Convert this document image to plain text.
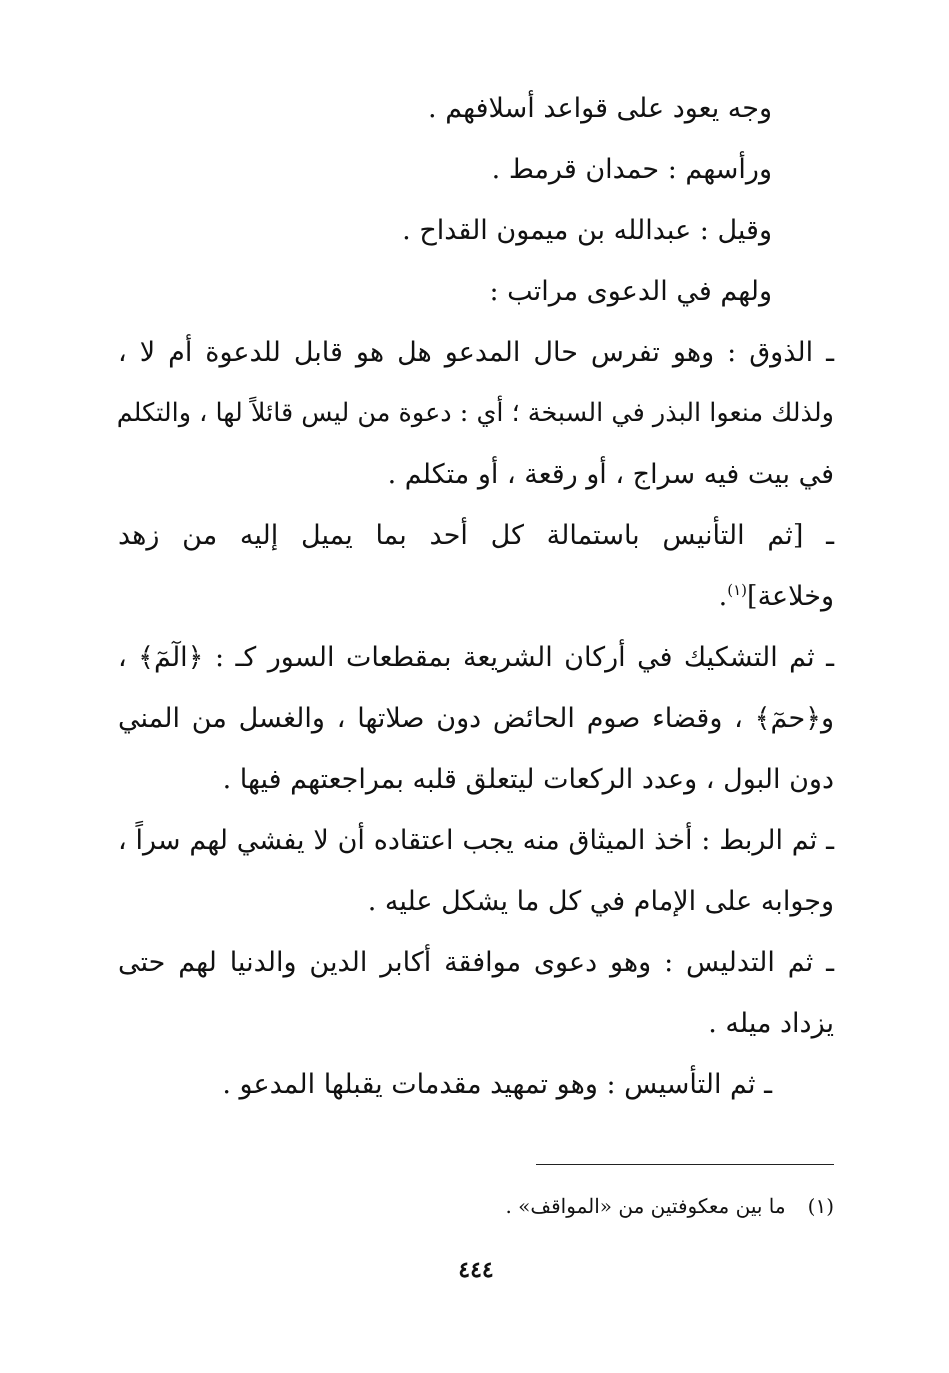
وجه يعود على قواعد أسلافهم .
ورأسهم : حمدان قرمط .
وقيل : عبدالله بن ميمون القداح .
ولهم في الدعوى مراتب :
ـ الذوق : وهو تفرس حال المدعو هل هو قابل للدعوة أم لا ،
ولذلك منعوا البذر في السبخة ؛ أي : دعوة من ليس قائلاً لها ، والتكلم
في بيت فيه سراج ، أو رقعة ، أو متكلم .
ـ [ثم التأنيس باستمالة كل أحد بما يميل إليه من زهد
وخلاعة]$^{(١)}$.
ـ ثم التشكيك في أركان الشريعة بمقطعات السور كـ : ﴿الٓمٓ﴾ ،
و﴿حمٓ﴾ ، وقضاء صوم الحائض دون صلاتها ، والغسل من المني
دون البول ، وعدد الركعات ليتعلق قلبه بمراجعتهم فيها .
ـ ثم الربط : أخذ الميثاق منه يجب اعتقاده أن لا يفشي لهم سراً ،
وجوابه على الإمام في كل ما يشكل عليه .
ـ ثم التدليس : وهو دعوى موافقة أكابر الدين والدنيا لهم حتى
يزداد ميله .
ـ ثم التأسيس : وهو تمهيد مقدمات يقبلها المدعو .
(١)ما بين معكوفتين من «المواقف» .
٤٤٤
